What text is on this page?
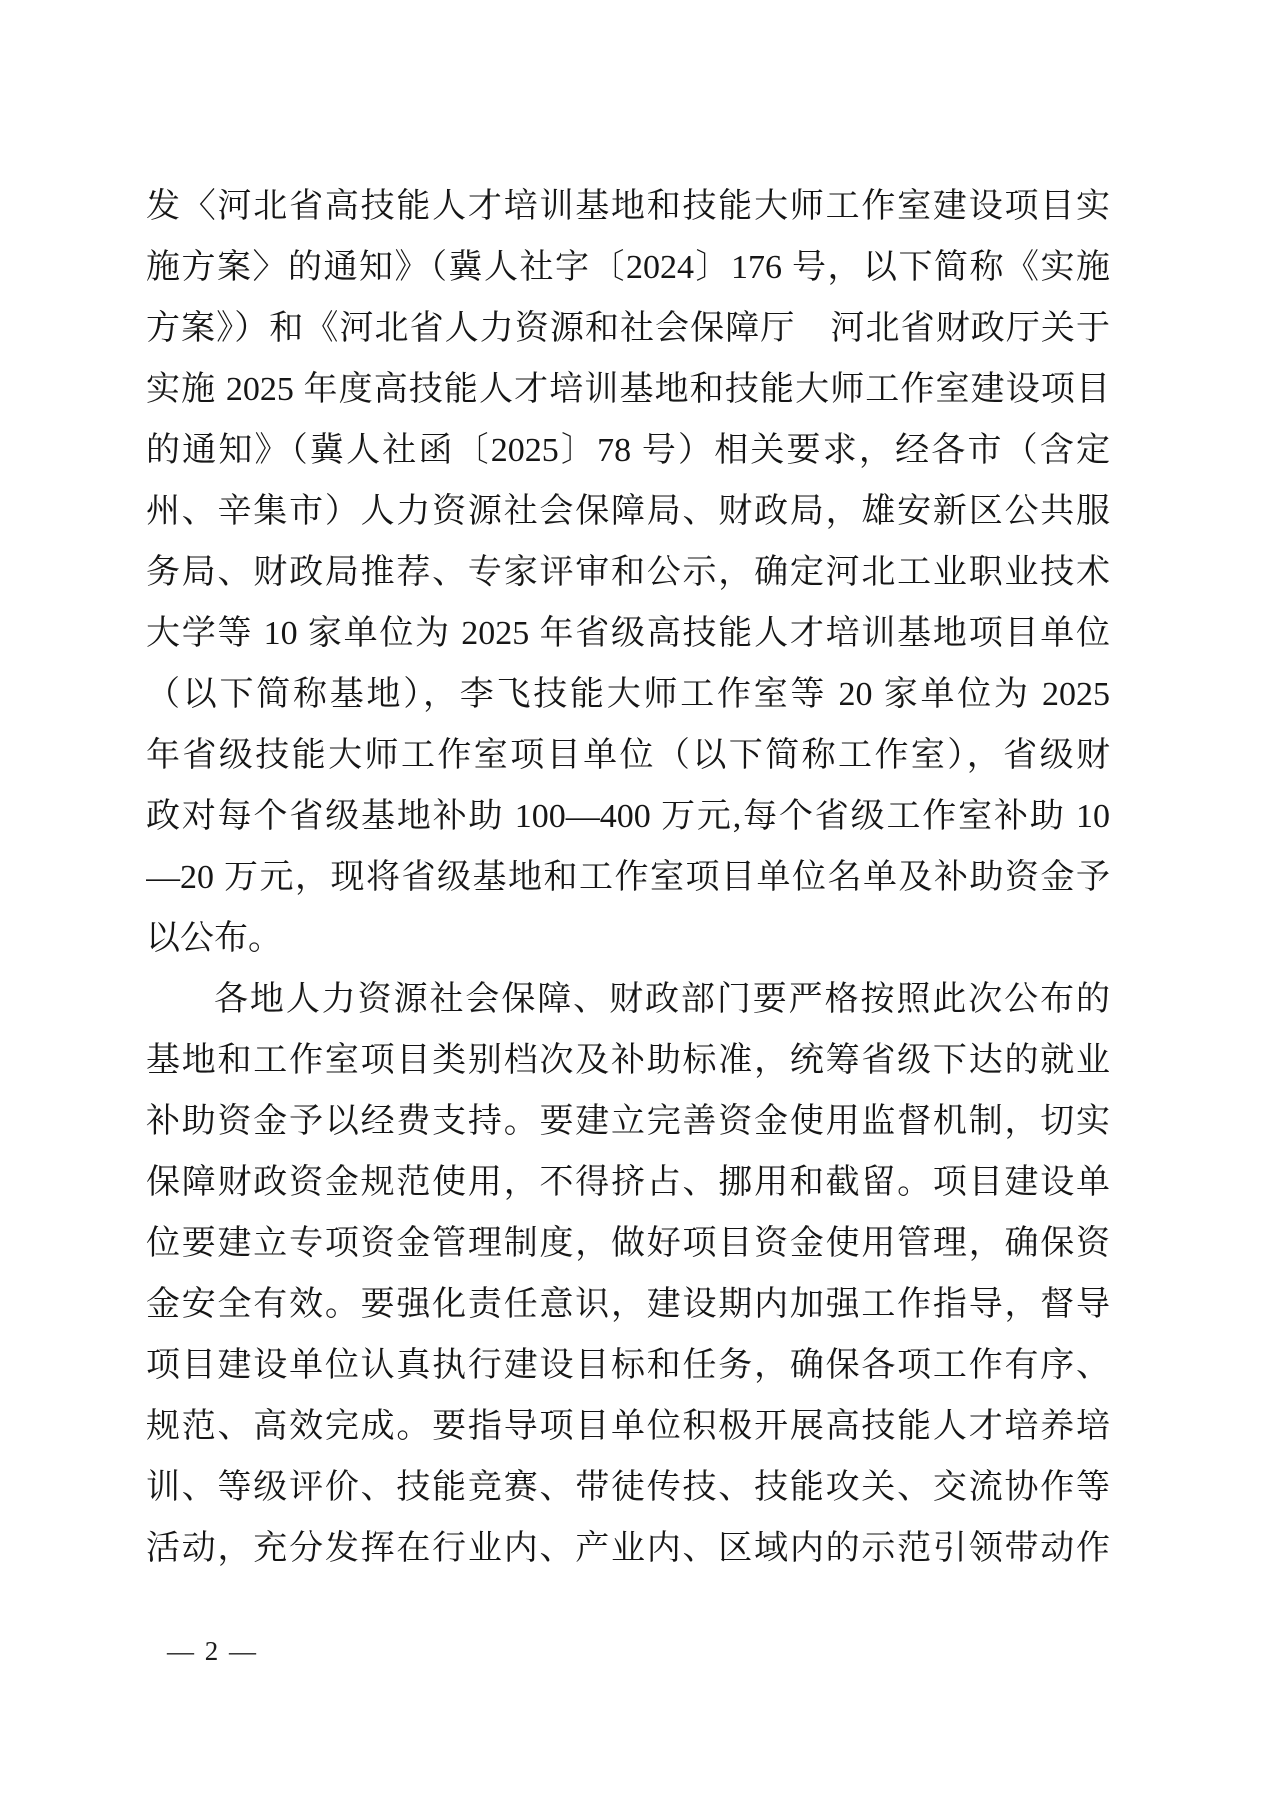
发〈河北省高技能人才培训基地和技能大师工作室建设项目实
施方案〉的通知》（冀人社字〔2024〕176 号，以下简称《实施
方案》）和《河北省人力资源和社会保障厅　河北省财政厅关于
实施 2025 年度高技能人才培训基地和技能大师工作室建设项目
的通知》（冀人社函〔2025〕78 号）相关要求，经各市（含定
州、辛集市）人力资源社会保障局、财政局，雄安新区公共服
务局、财政局推荐、专家评审和公示，确定河北工业职业技术
大学等 10 家单位为 2025 年省级高技能人才培训基地项目单位
（以下简称基地），李飞技能大师工作室等 20 家单位为 2025
年省级技能大师工作室项目单位（以下简称工作室），省级财
政对每个省级基地补助 100—400 万元,每个省级工作室补助 10
—20 万元，现将省级基地和工作室项目单位名单及补助资金予
以公布。
各地人力资源社会保障、财政部门要严格按照此次公布的
基地和工作室项目类别档次及补助标准，统筹省级下达的就业
补助资金予以经费支持。要建立完善资金使用监督机制，切实
保障财政资金规范使用，不得挤占、挪用和截留。项目建设单
位要建立专项资金管理制度，做好项目资金使用管理，确保资
金安全有效。要强化责任意识，建设期内加强工作指导，督导
项目建设单位认真执行建设目标和任务，确保各项工作有序、
规范、高效完成。要指导项目单位积极开展高技能人才培养培
训、等级评价、技能竞赛、带徒传技、技能攻关、交流协作等
活动，充分发挥在行业内、产业内、区域内的示范引领带动作
— 2 —
